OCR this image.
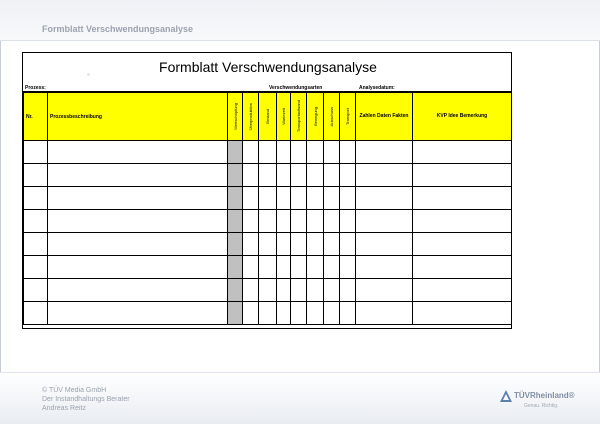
Formblatt Verschwendungsanalyse
Formblatt Verschwendungsanalyse
Prozess:	Verschwendungsarten	Analysedatum:
Nr.	Prozessbeschreibung	Wertschöpfung	Überproduktion	Bestand	Wartezeit	Transportaufwand	Bewegung	Ausschuss	Transport	Zahlen Daten Fakten	KVP Idee Bemerkung

© TÜV Media GmbH
Der Instandhaltungs Berater
Andreas Reitz
TÜVRheinland®
Genau. Richtig.
